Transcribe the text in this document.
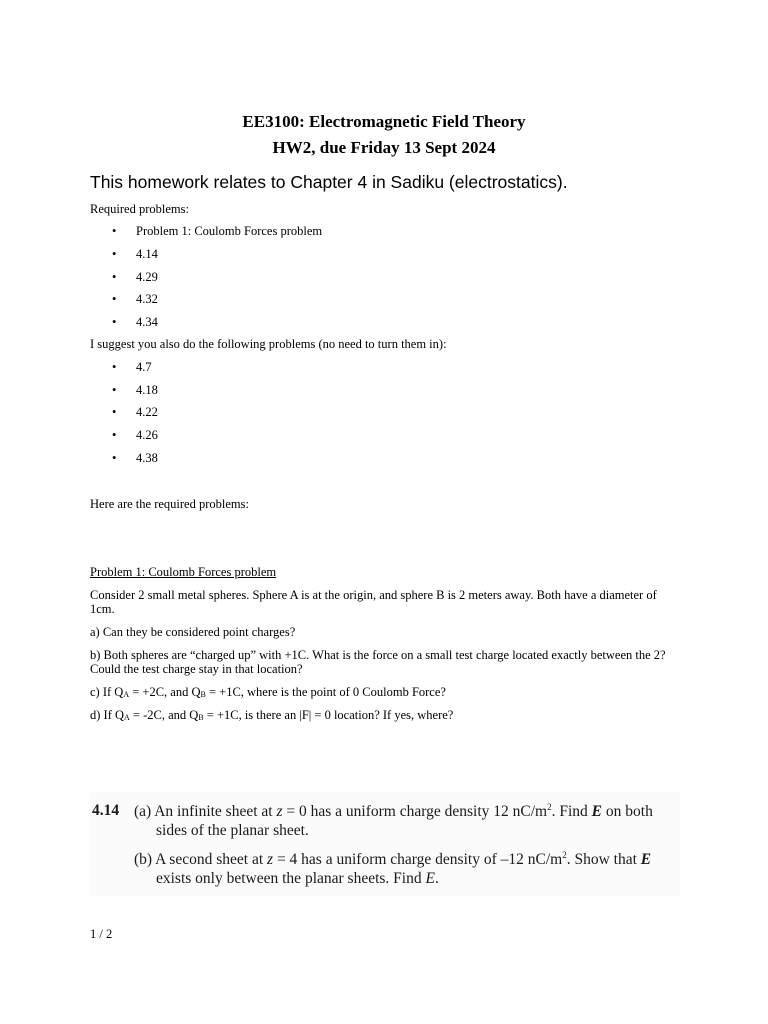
EE3100: Electromagnetic Field Theory
HW2, due Friday 13 Sept 2024
This homework relates to Chapter 4 in Sadiku (electrostatics).
Required problems:
• Problem 1: Coulomb Forces problem
• 4.14
• 4.29
• 4.32
• 4.34
I suggest you also do the following problems (no need to turn them in):
• 4.7
• 4.18
• 4.22
• 4.26
• 4.38
Here are the required problems:
Problem 1: Coulomb Forces problem
Consider 2 small metal spheres. Sphere A is at the origin, and sphere B is 2 meters away. Both have a diameter of 1cm.
a) Can they be considered point charges?
b) Both spheres are “charged up” with +1C. What is the force on a small test charge located exactly between the 2? Could the test charge stay in that location?
c) If $Q_A = +2C$, and $Q_B = +1C$, where is the point of 0 Coulomb Force?
d) If $Q_A = -2C$, and $Q_B = +1C$, is there an |F| = 0 location? If yes, where?
4.14 (a) An infinite sheet at z = 0 has a uniform charge density 12 $nC/m^2$. Find E on both
sides of the planar sheet.
(b) A second sheet at z = 4 has a uniform charge density of –12 $nC/m^2$. Show that E
exists only between the planar sheets. Find E.
1 / 2
